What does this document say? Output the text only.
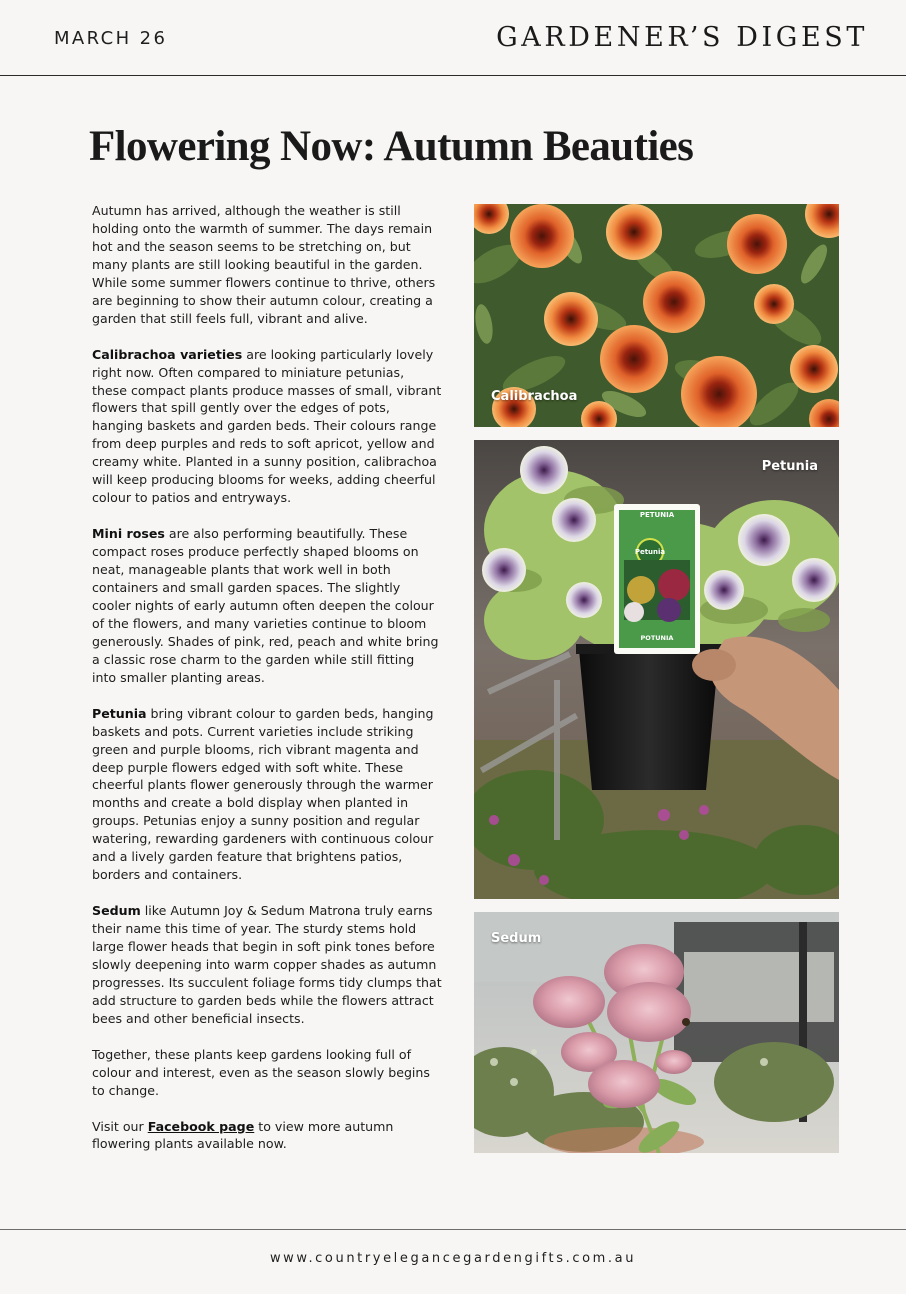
MARCH 26	GARDENER’S DIGEST
Flowering Now: Autumn Beauties

Autumn has arrived, although the weather is still holding onto the warmth of summer. The days remain hot and the season seems to be stretching on, but many plants are still looking beautiful in the garden. While some summer flowers continue to thrive, others are beginning to show their autumn colour, creating a garden that still feels full, vibrant and alive.

Calibrachoa varieties are looking particularly lovely right now. Often compared to miniature petunias, these compact plants produce masses of small, vibrant flowers that spill gently over the edges of pots, hanging baskets and garden beds. Their colours range from deep purples and reds to soft apricot, yellow and creamy white. Planted in a sunny position, calibrachoa will keep producing blooms for weeks, adding cheerful colour to patios and entryways.

Mini roses are also performing beautifully. These compact roses produce perfectly shaped blooms on neat, manageable plants that work well in both containers and small garden spaces. The slightly cooler nights of early autumn often deepen the colour of the flowers, and many varieties continue to bloom generously. Shades of pink, red, peach and white bring a classic rose charm to the garden while still fitting into smaller planting areas.

Petunia bring vibrant colour to garden beds, hanging baskets and pots. Current varieties include striking green and purple blooms, rich vibrant magenta and deep purple flowers edged with soft white. These cheerful plants flower generously through the warmer months and create a bold display when planted in groups. Petunias enjoy a sunny position and regular watering, rewarding gardeners with continuous colour and a lively garden feature that brightens patios, borders and containers.

Sedum like Autumn Joy & Sedum Matrona truly earns their name this time of year. The sturdy stems hold large flower heads that begin in soft pink tones before slowly deepening into warm copper shades as autumn progresses. Its succulent foliage forms tidy clumps that add structure to garden beds while the flowers attract bees and other beneficial insects.

Together, these plants keep gardens looking full of colour and interest, even as the season slowly begins to change.

Visit our Facebook page to view more autumn flowering plants available now.

Calibrachoa
PETUNIA
Petunia
POTUNIA
Petunia
Sedum
www.countryelegancegardengifts.com.au
